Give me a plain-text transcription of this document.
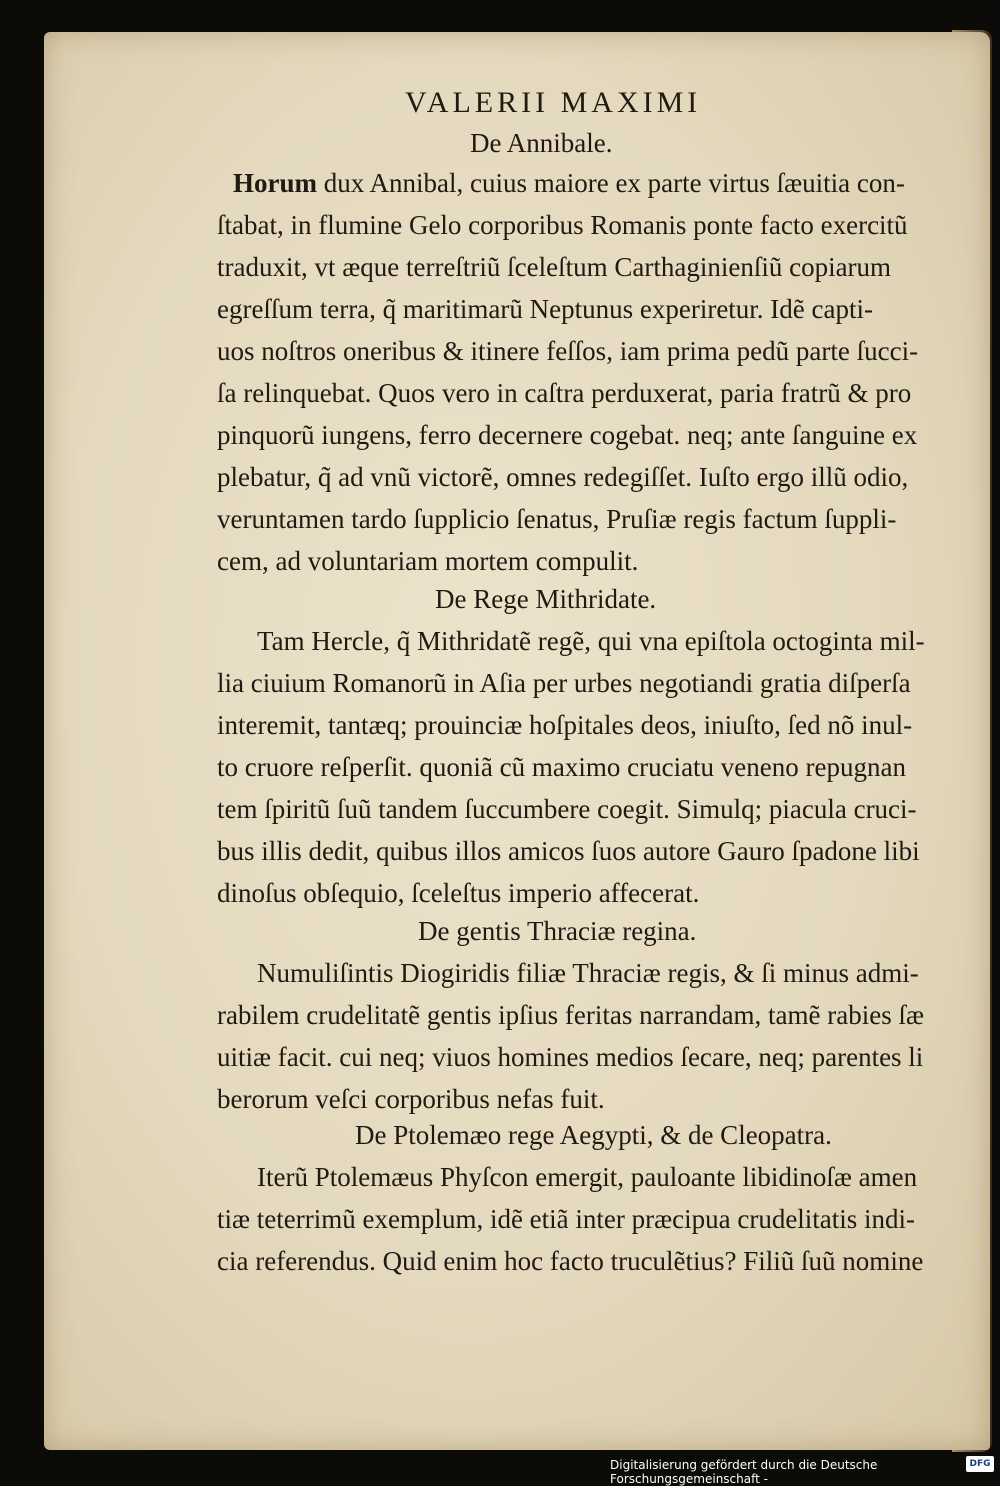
VALERII MAXIMI
De Annibale.
Horum dux Annibal, cuius maiore ex parte virtus ſæuitia con-
ſtabat, in flumine Gelo corporibus Romanis ponte facto exercitũ
traduxit, vt æque terreſtriũ ſceleſtum Carthaginienſiũ copiarum
egreſſum terra, q̃ maritimarũ Neptunus experiretur. Idẽ capti-
uos noſtros oneribus & itinere feſſos, iam prima pedũ parte ſucci-
ſa relinquebat. Quos vero in caſtra perduxerat, paria fratrũ & pro
pinquorũ iungens, ferro decernere cogebat. neq; ante ſanguine ex
plebatur, q̃ ad vnũ victorẽ, omnes redegiſſet. Iuſto ergo illũ odio,
veruntamen tardo ſupplicio ſenatus, Pruſiæ regis factum ſuppli-
cem, ad voluntariam mortem compulit.
De Rege Mithridate.
Tam Hercle, q̃ Mithridatẽ regẽ, qui vna epiſtola octoginta mil-
lia ciuium Romanorũ in Aſia per urbes negotiandi gratia diſperſa
interemit, tantæq; prouinciæ hoſpitales deos, iniuſto, ſed nõ inul-
to cruore reſperſit. quoniã cũ maximo cruciatu veneno repugnan
tem ſpiritũ ſuũ tandem ſuccumbere coegit. Simulq; piacula cruci-
bus illis dedit, quibus illos amicos ſuos autore Gauro ſpadone libi
dinoſus obſequio, ſceleſtus imperio affecerat.
De gentis Thraciæ regina.
Numuliſintis Diogiridis filiæ Thraciæ regis, & ſi minus admi-
rabilem crudelitatẽ gentis ipſius feritas narrandam, tamẽ rabies ſæ
uitiæ facit. cui neq; viuos homines medios ſecare, neq; parentes li
berorum veſci corporibus nefas fuit.
De Ptolemæo rege Aegypti, & de Cleopatra.
Iterũ Ptolemæus Phyſcon emergit, pauloante libidinoſæ amen
tiæ teterrimũ exemplum, idẽ etiã inter præcipua crudelitatis indi-
cia referendus. Quid enim hoc facto truculẽtius? Filiũ ſuũ nomine
Digitalisierung gefördert durch die Deutsche Forschungsgemeinschaft -
DFG
